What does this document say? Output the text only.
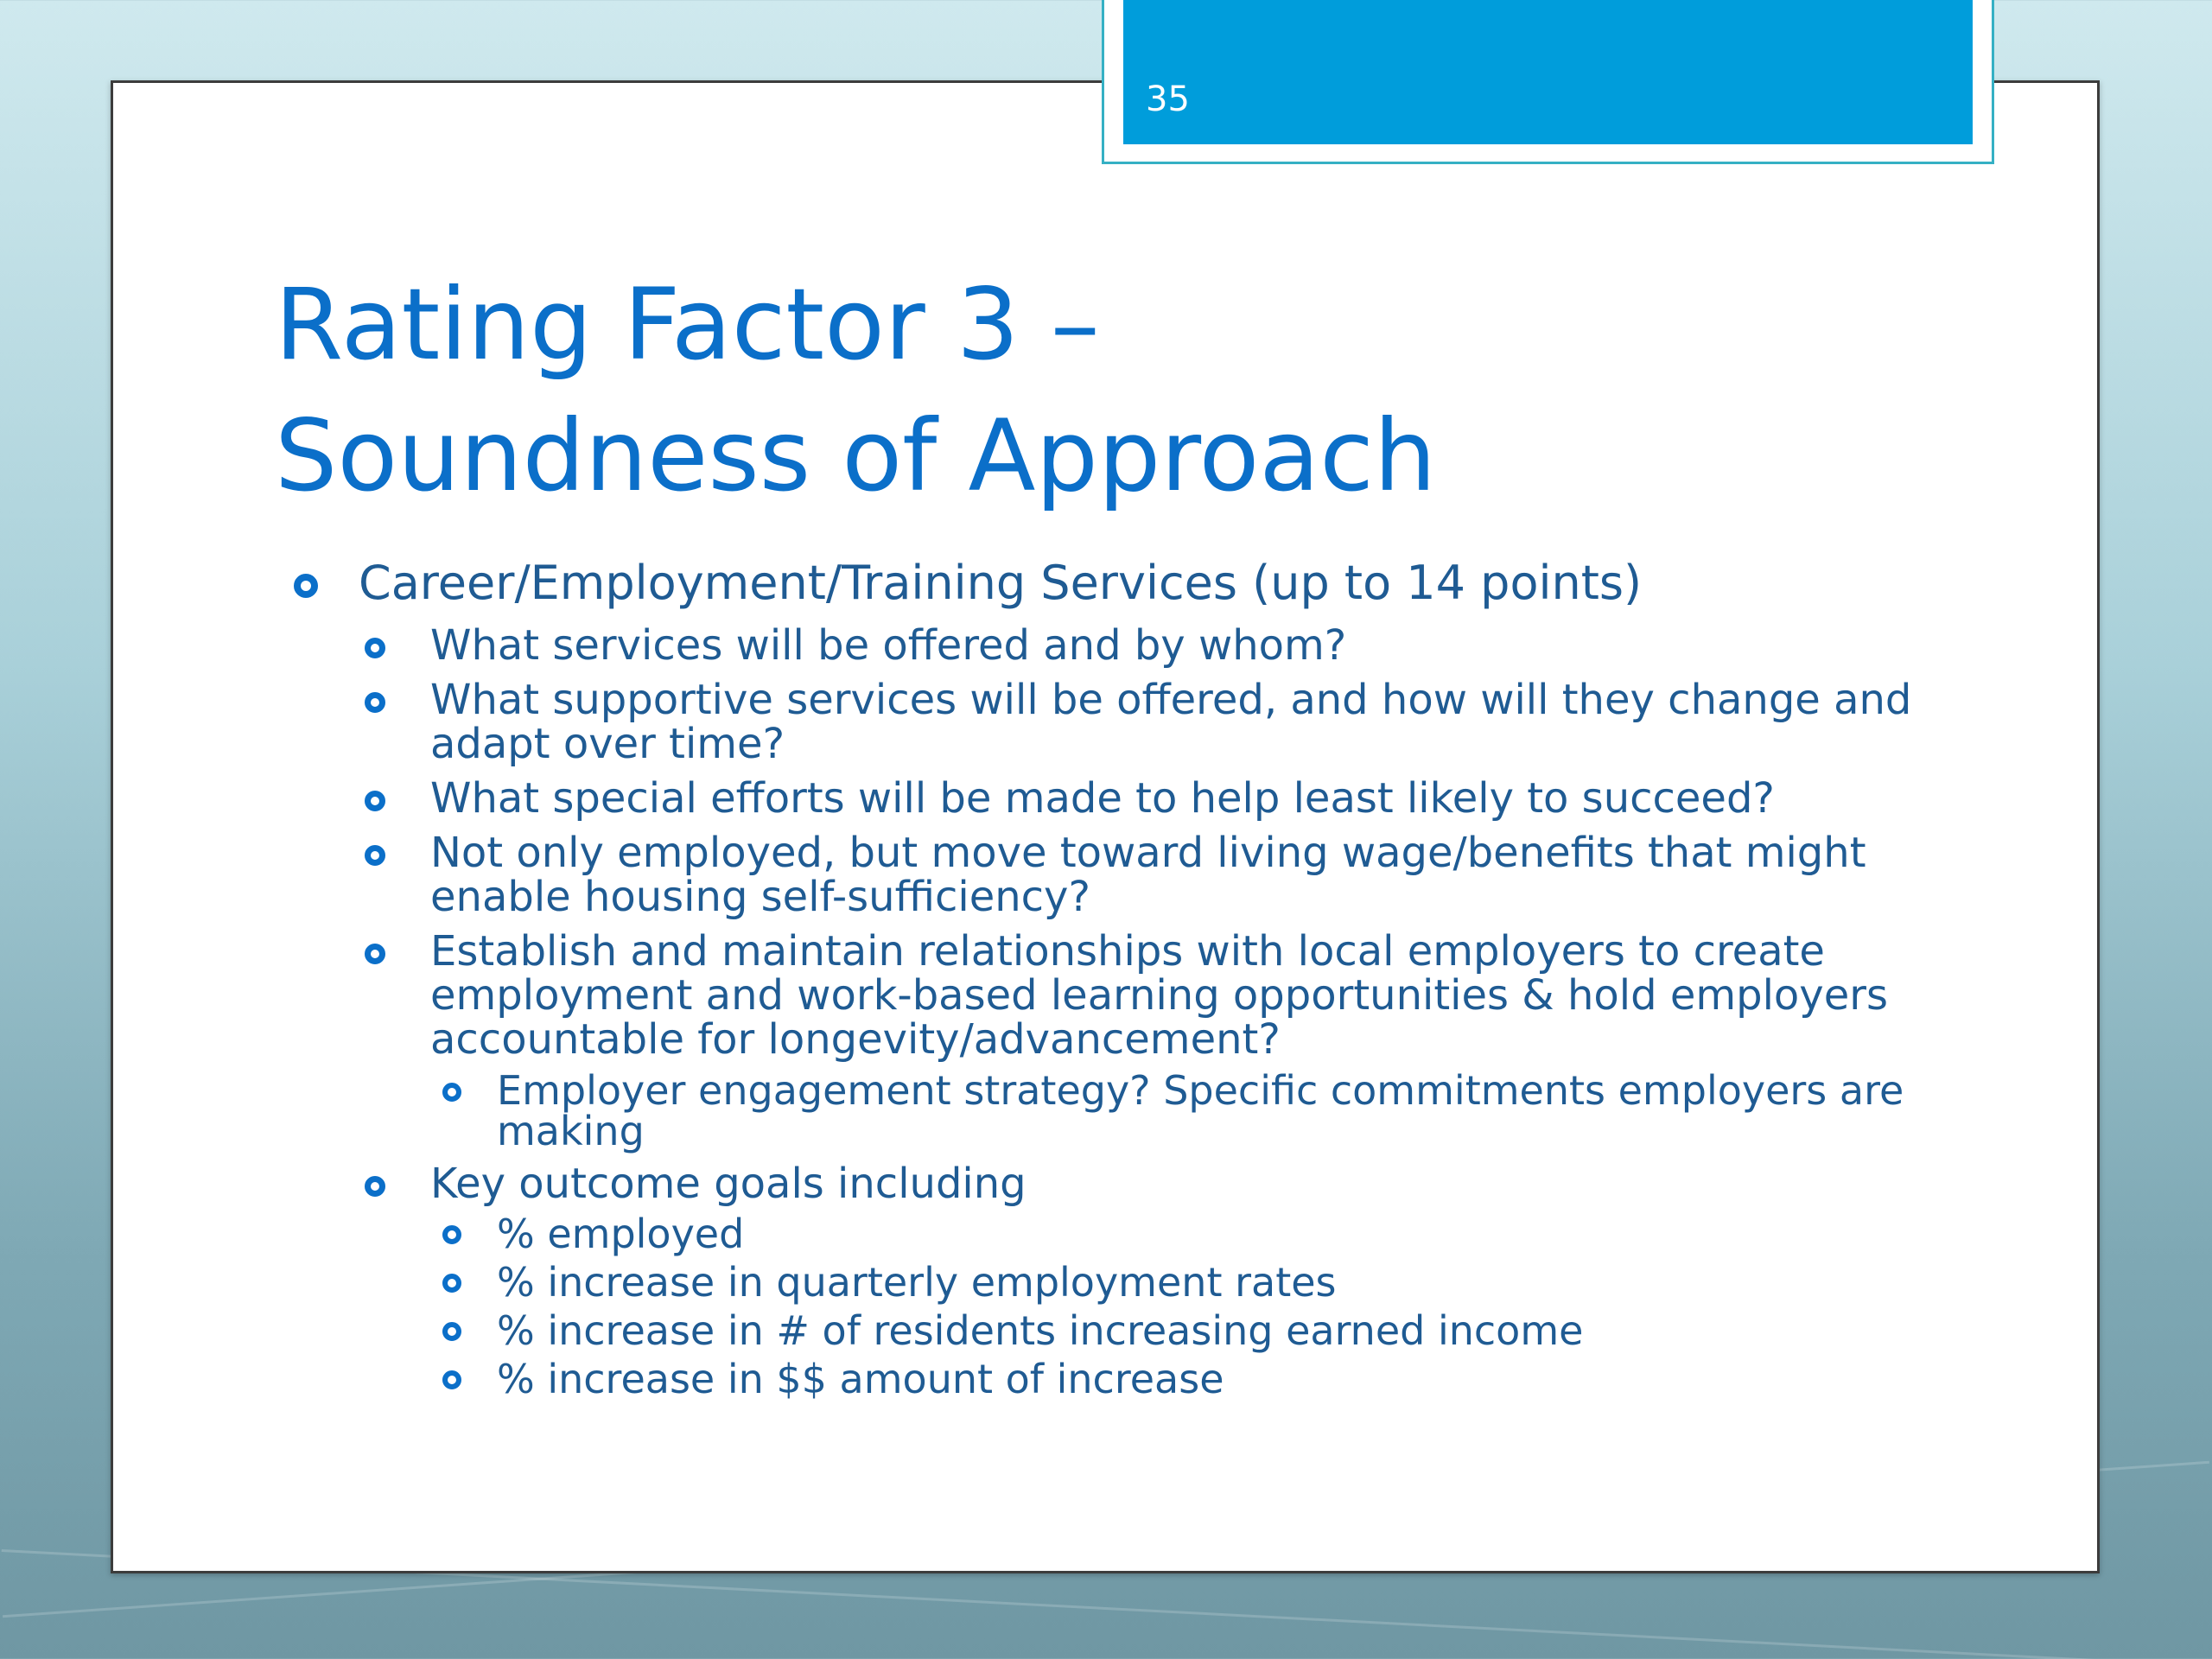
35
Rating Factor 3 –
Soundness of Approach
Career/Employment/Training Services (up to 14 points)
What services will be offered and by whom?
What supportive services will be offered, and how will they change and adapt over time?
What special efforts will be made to help least likely to succeed?
Not only employed, but move toward living wage/benefits that might enable housing self-sufficiency?
Establish and maintain relationships with local employers to create employment and work-based learning opportunities & hold employers accountable for longevity/advancement?
Employer engagement strategy? Specific commitments employers are making
Key outcome goals including
% employed
% increase in quarterly employment rates
% increase in # of residents increasing earned income
% increase in $$ amount of increase
